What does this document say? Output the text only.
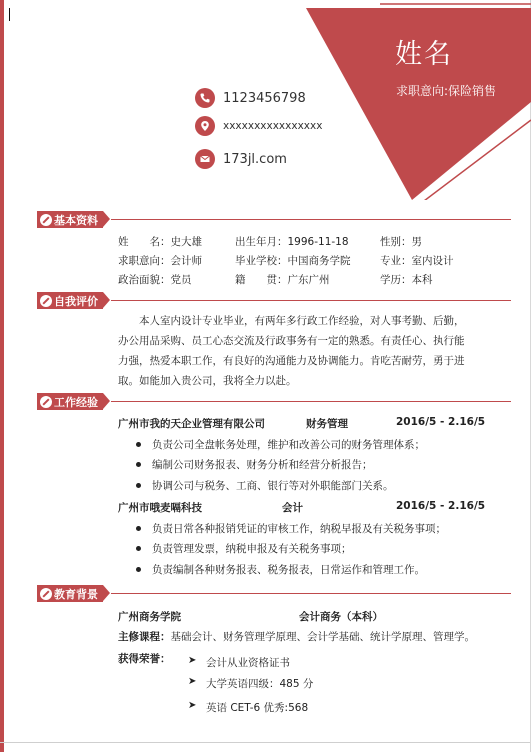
姓名
求职意向:保险销售
1123456798
xxxxxxxxxxxxxxxx
173jl.com
基本资料
姓　　名：史大雄	出生年月：1996-11-18	性别：男
求职意向：会计师	毕业学校：中国商务学院	专业：室内设计
政治面貌：党员	籍　　贯：广东广州	学历：本科
自我评价
本人室内设计专业毕业，有两年多行政工作经验，对人事考勤、后勤，
办公用品采购、员工心态交流及行政事务有一定的熟悉。有责任心、执行能
力强，热爱本职工作，有良好的沟通能力及协调能力。肯吃苦耐劳，勇于进
取。如能加入贵公司，我将全力以赴。
工作经验
广州市我的天企业管理有限公司	财务管理	2016/5 - 2.16/5
负责公司全盘帐务处理，维护和改善公司的财务管理体系；
编制公司财务报表、财务分析和经营分析报告；
协调公司与税务、工商、银行等对外职能部门关系。
广州市哦麦嗝科技	会计	2016/5 - 2.16/5
负责日常各种报销凭证的审核工作，纳税早报及有关税务事项；
负责管理发票，纳税申报及有关税务事项；
负责编制各种财务报表、税务报表，日常运作和管理工作。
教育背景
广州商务学院	会计商务（本科）
主修课程：基础会计、财务管理学原理、会计学基础、统计学原理、管理学。
获得荣誉： ➤ 会计从业资格证书
➤ 大学英语四级：485 分
➤ 英语 CET-6 优秀:568
